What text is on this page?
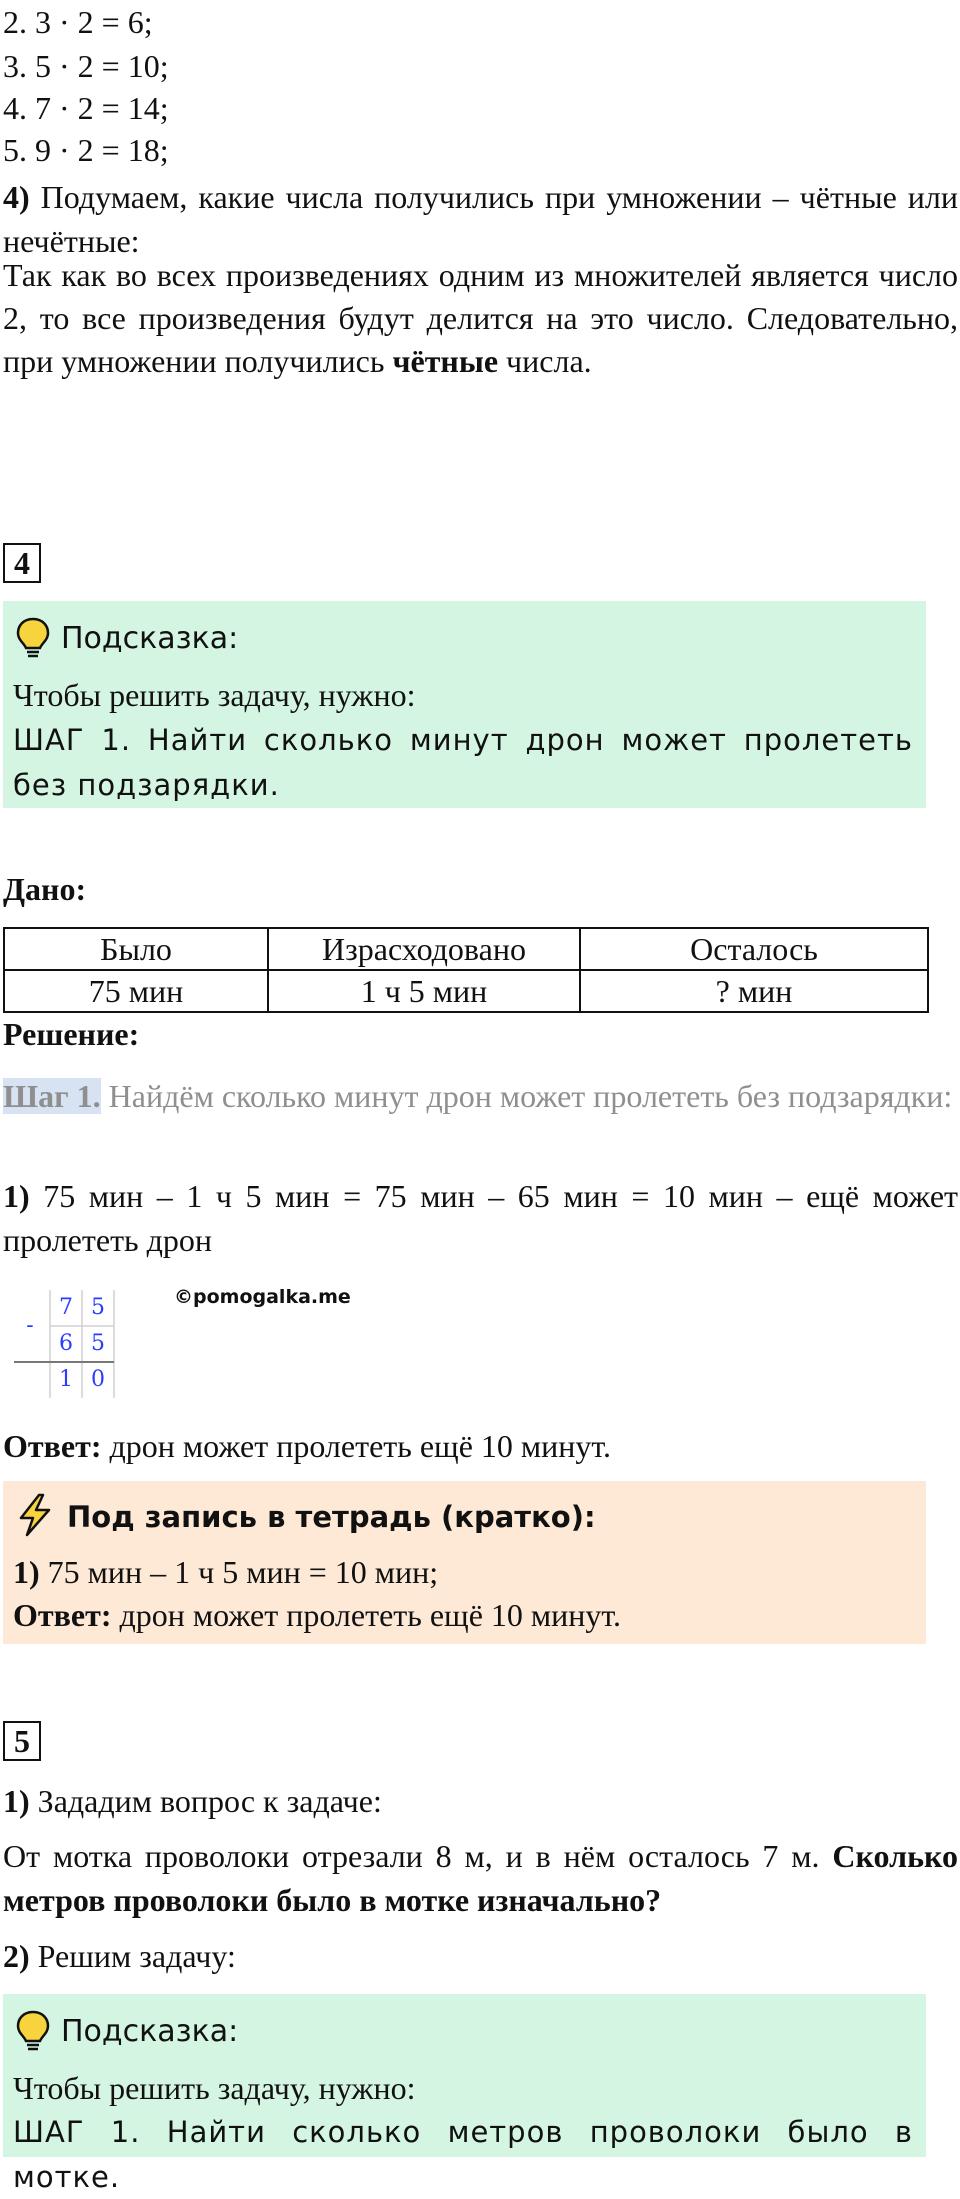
2. 3 · 2 = 6;
3. 5 · 2 = 10;
4. 7 · 2 = 14;
5. 9 · 2 = 18;
4) Подумаем, какие числа получились при умножении – чётные или нечётные:
Так как во всех произведениях одним из множителей является число 2, то все произведения будут делится на это число. Следовательно, при умножении получились чётные числа.
4
Подсказка:
Чтобы решить задачу, нужно:
ШАГ 1. Найти сколько минут дрон может пролететь без подзарядки.
Дано:
Было	Израсходовано	Осталось
75 мин	1 ч 5 мин	? мин
Решение:
Шаг 1. Найдём сколько минут дрон может пролететь без подзарядки:
1) 75 мин – 1 ч 5 мин = 75 мин – 65 мин = 10 мин – ещё может пролететь дрон
-
7 5
6 5
1 0
©pomogalka.me
Ответ: дрон может пролететь ещё 10 минут.
Под запись в тетрадь (кратко):
1) 75 мин – 1 ч 5 мин = 10 мин;
Ответ: дрон может пролететь ещё 10 минут.
5
1) Зададим вопрос к задаче:
От мотка проволоки отрезали 8 м, и в нём осталось 7 м. Сколько метров проволоки было в мотке изначально?
2) Решим задачу:
Подсказка:
Чтобы решить задачу, нужно:
ШАГ 1. Найти сколько метров проволоки было в мотке.
